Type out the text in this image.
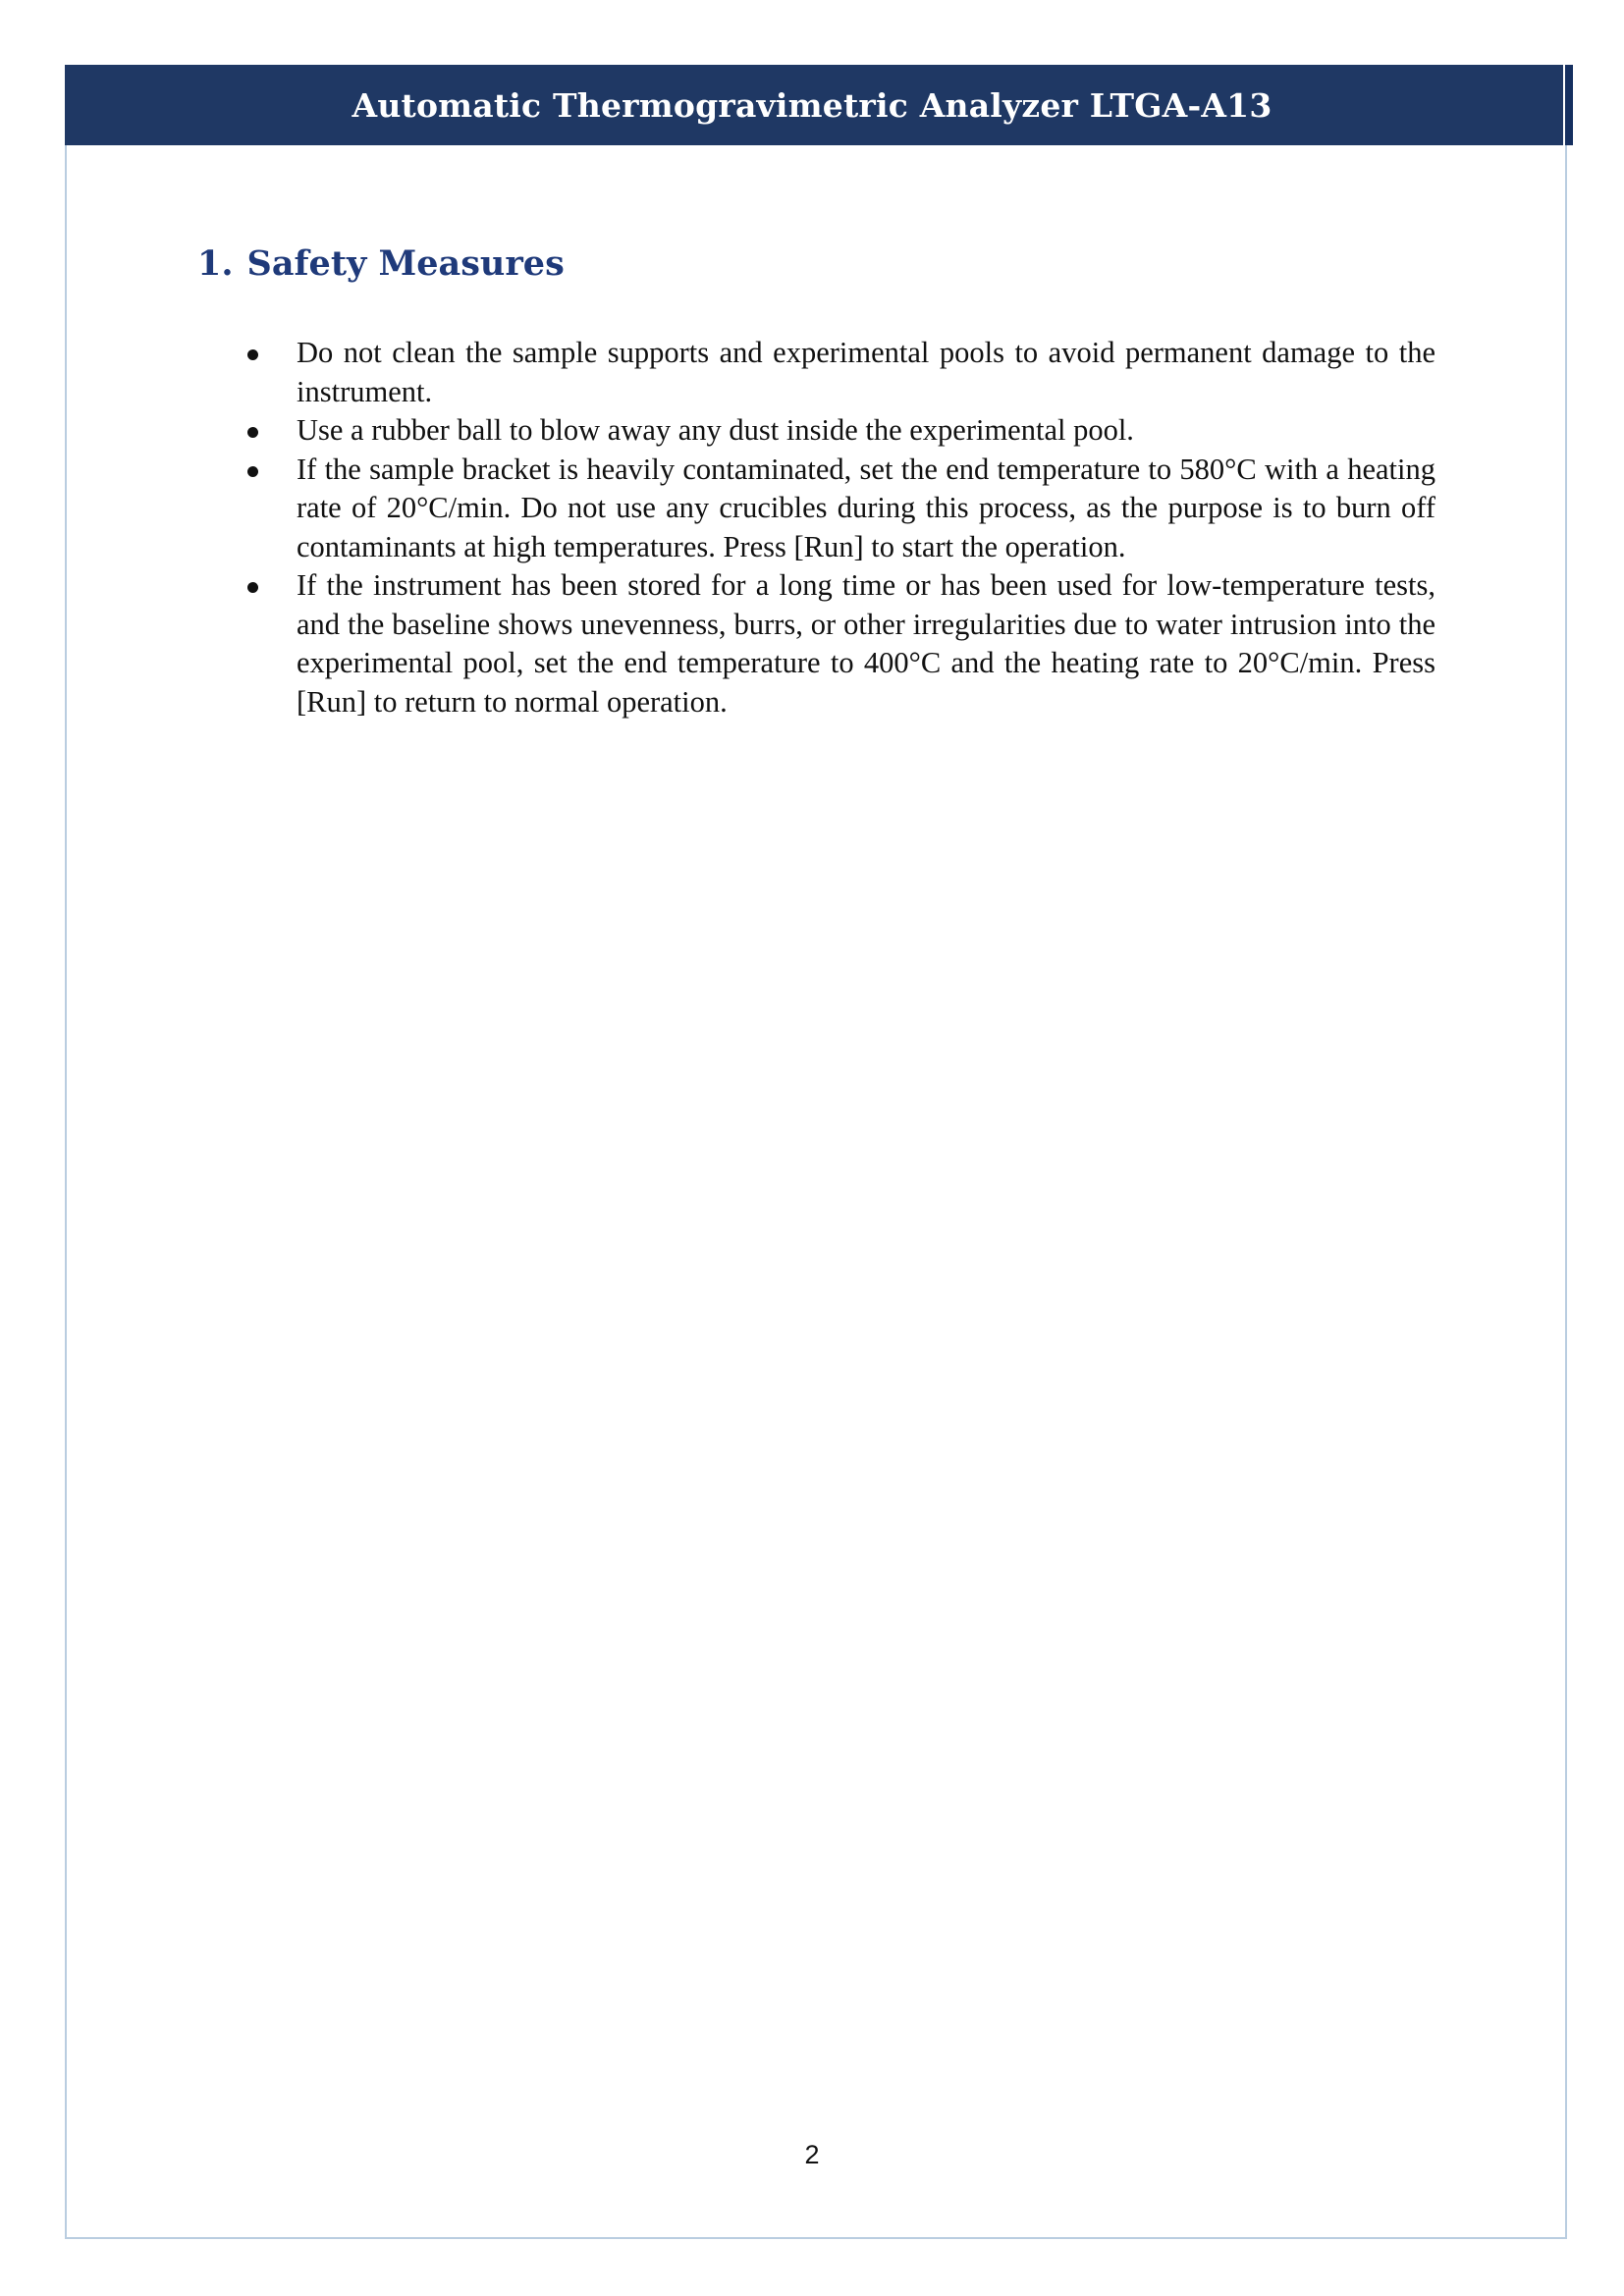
Automatic Thermogravimetric Analyzer LTGA-A13
1. Safety Measures
Do not clean the sample supports and experimental pools to avoid permanent damage to the instrument.
Use a rubber ball to blow away any dust inside the experimental pool.
If the sample bracket is heavily contaminated, set the end temperature to 580°C with a heating rate of 20°C/min. Do not use any crucibles during this process, as the purpose is to burn off contaminants at high temperatures. Press [Run] to start the operation.
If the instrument has been stored for a long time or has been used for low-temperature tests, and the baseline shows unevenness, burrs, or other irregularities due to water intrusion into the experimental pool, set the end temperature to 400°C and the heating rate to 20°C/min. Press [Run] to return to normal operation.
2
